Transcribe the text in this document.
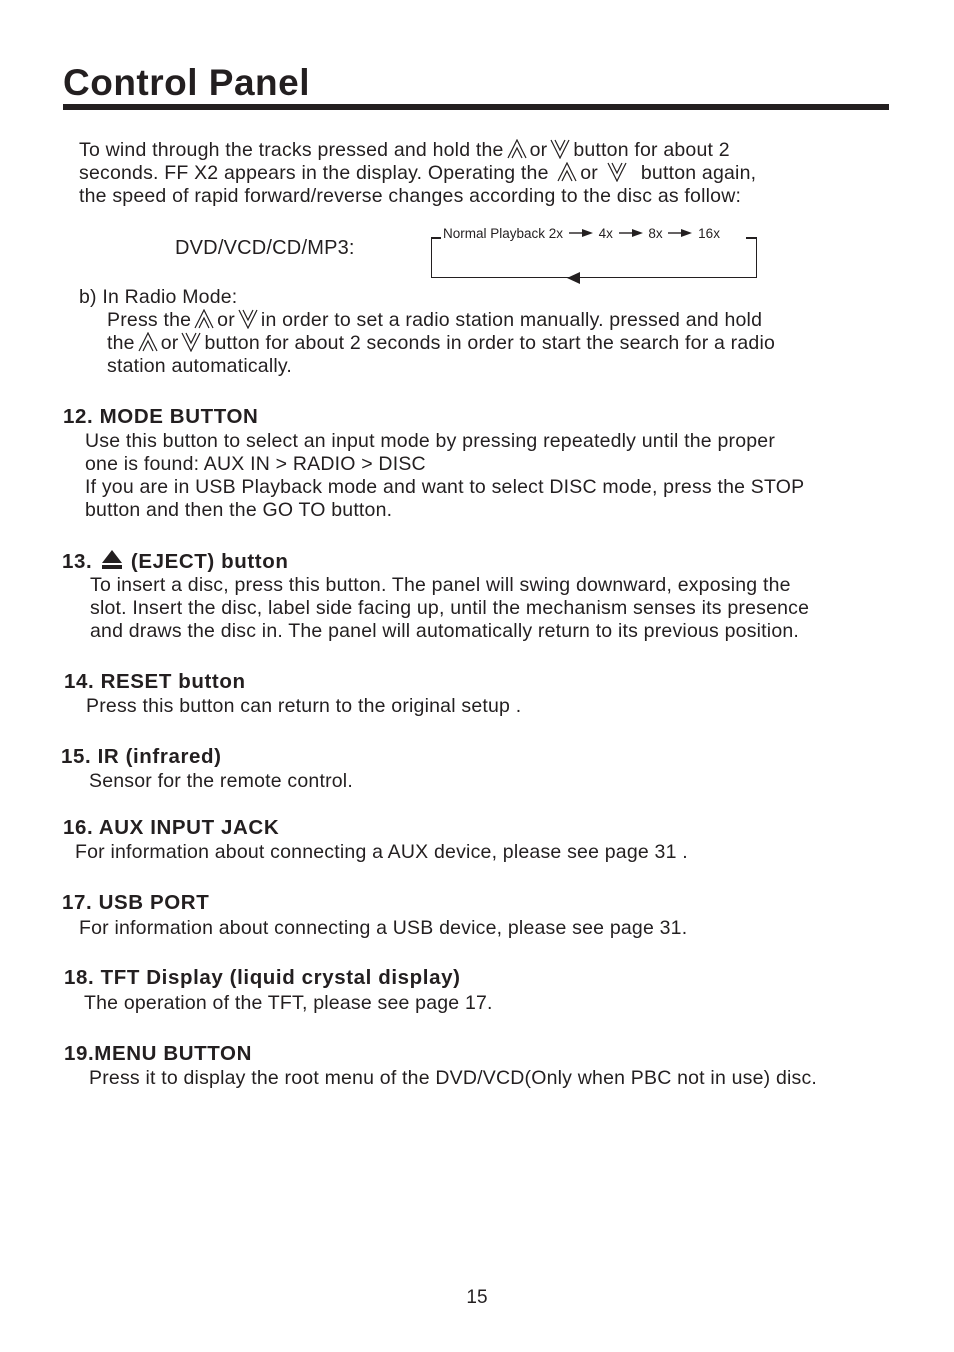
Control Panel
To wind through the tracks pressed and hold the or button for about 2
seconds. FF X2 appears in the display. Operating the or button again,
the speed of rapid forward/reverse changes according to the disc as follow:
DVD/VCD/CD/MP3:
Normal Playback 2x	4x	8x	16x
b) In Radio Mode:
Press the or in order to set a radio station manually. pressed and hold
the or button for about 2 seconds in order to start the search for a radio
station automatically.
12. MODE BUTTON
Use this button to select an input mode by pressing repeatedly until the proper
one is found: AUX IN > RADIO > DISC
If you are in USB Playback mode and want to select DISC mode, press the STOP
button and then the GO TO button.
13. (EJECT) button
To insert a disc, press this button. The panel will swing downward, exposing the
slot. Insert the disc, label side facing up, until the mechanism senses its presence
and draws the disc in. The panel will automatically return to its previous position.
14. RESET button
Press this button can return to the original setup .
15. IR (infrared)
Sensor for the remote control.
16. AUX INPUT JACK
For information about connecting a AUX device, please see page 31 .
17. USB PORT
For information about connecting a USB device, please see page 31.
18. TFT Display (liquid crystal display)
The operation of the TFT, please see page 17.
19.MENU BUTTON
Press it to display the root menu of the DVD/VCD(Only when PBC not in use) disc.
15
